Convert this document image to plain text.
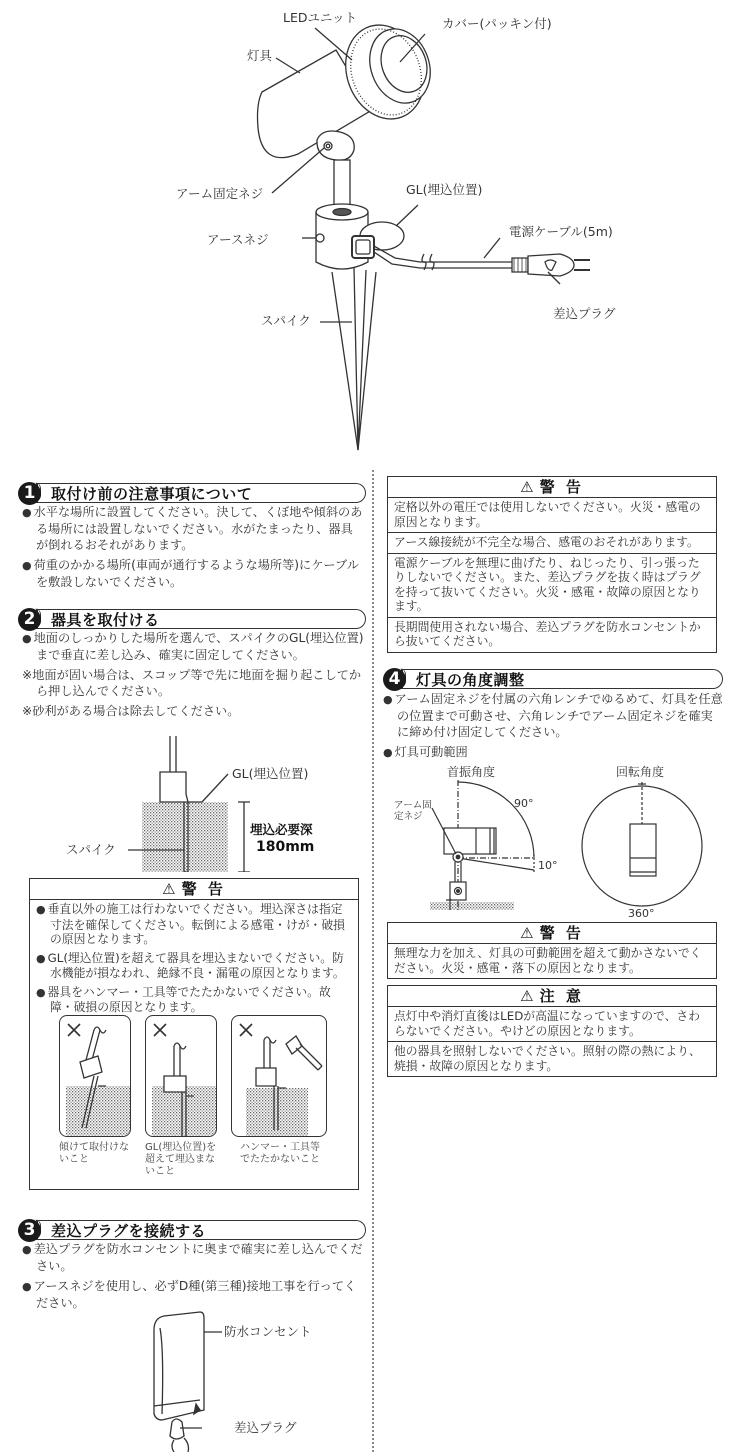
LEDユニット	カバー(パッキン付)
灯具
アーム固定ネジ	GL(埋込位置)
アースネジ
電源ケーブル(5m)
差込プラグ
スパイク
1	取付け前の注意事項について
● 水平な場所に設置してください。決して、くぼ地や傾斜のある場所には設置しないでください。水がたまったり、器具が倒れるおそれがあります。
● 荷重のかかる場所(車両が通行するような場所等)にケーブルを敷設しないでください。
2	器具を取付ける
● 地面のしっかりした場所を選んで、スパイクのGL(埋込位置)まで垂直に差し込み、確実に固定してください。
※地面が固い場合は、スコップ等で先に地面を掘り起こしてから押し込んでください。
※砂利がある場合は除去してください。
GL(埋込位置)
スパイク
埋込必要深
180mm
⚠ 警 告
● 垂直以外の施工は行わないでください。埋込深さは指定寸法を確保してください。転倒による感電・けが・破損の原因となります。
● GL(埋込位置)を超えて器具を埋込まないでください。防水機能が損なわれ、絶縁不良・漏電の原因となります。
● 器具をハンマー・工具等でたたかないでください。故障・破損の原因となります。
傾けて取付けないこと
GL(埋込位置)を超えて埋込まないこと
ハンマー・工具等でたたかないこと
3	差込プラグを接続する
● 差込プラグを防水コンセントに奥まで確実に差し込んでください。
● アースネジを使用し、必ずD種(第三種)接地工事を行ってください。
防水コンセント
差込プラグ
⚠ 警 告
定格以外の電圧では使用しないでください。火災・感電の原因となります。
アース線接続が不完全な場合、感電のおそれがあります。
電源ケーブルを無理に曲げたり、ねじったり、引っ張ったりしないでください。また、差込プラグを抜く時はプラグを持って抜いてください。火災・感電・故障の原因となります。
長期間使用されない場合、差込プラグを防水コンセントから抜いてください。
4	灯具の角度調整
● アーム固定ネジを付属の六角レンチでゆるめて、灯具を任意の位置まで可動させ、六角レンチでアーム固定ネジを確実に締め付け固定してください。
● 灯具可動範囲
首振角度	回転角度
アーム固定ネジ
90°
10°
360°
⚠ 警 告
無理な力を加え、灯具の可動範囲を超えて動かさないでください。火災・感電・落下の原因となります。
⚠ 注 意
点灯中や消灯直後はLEDが高温になっていますので、さわらないでください。やけどの原因となります。
他の器具を照射しないでください。照射の際の熱により、焼損・故障の原因となります。
